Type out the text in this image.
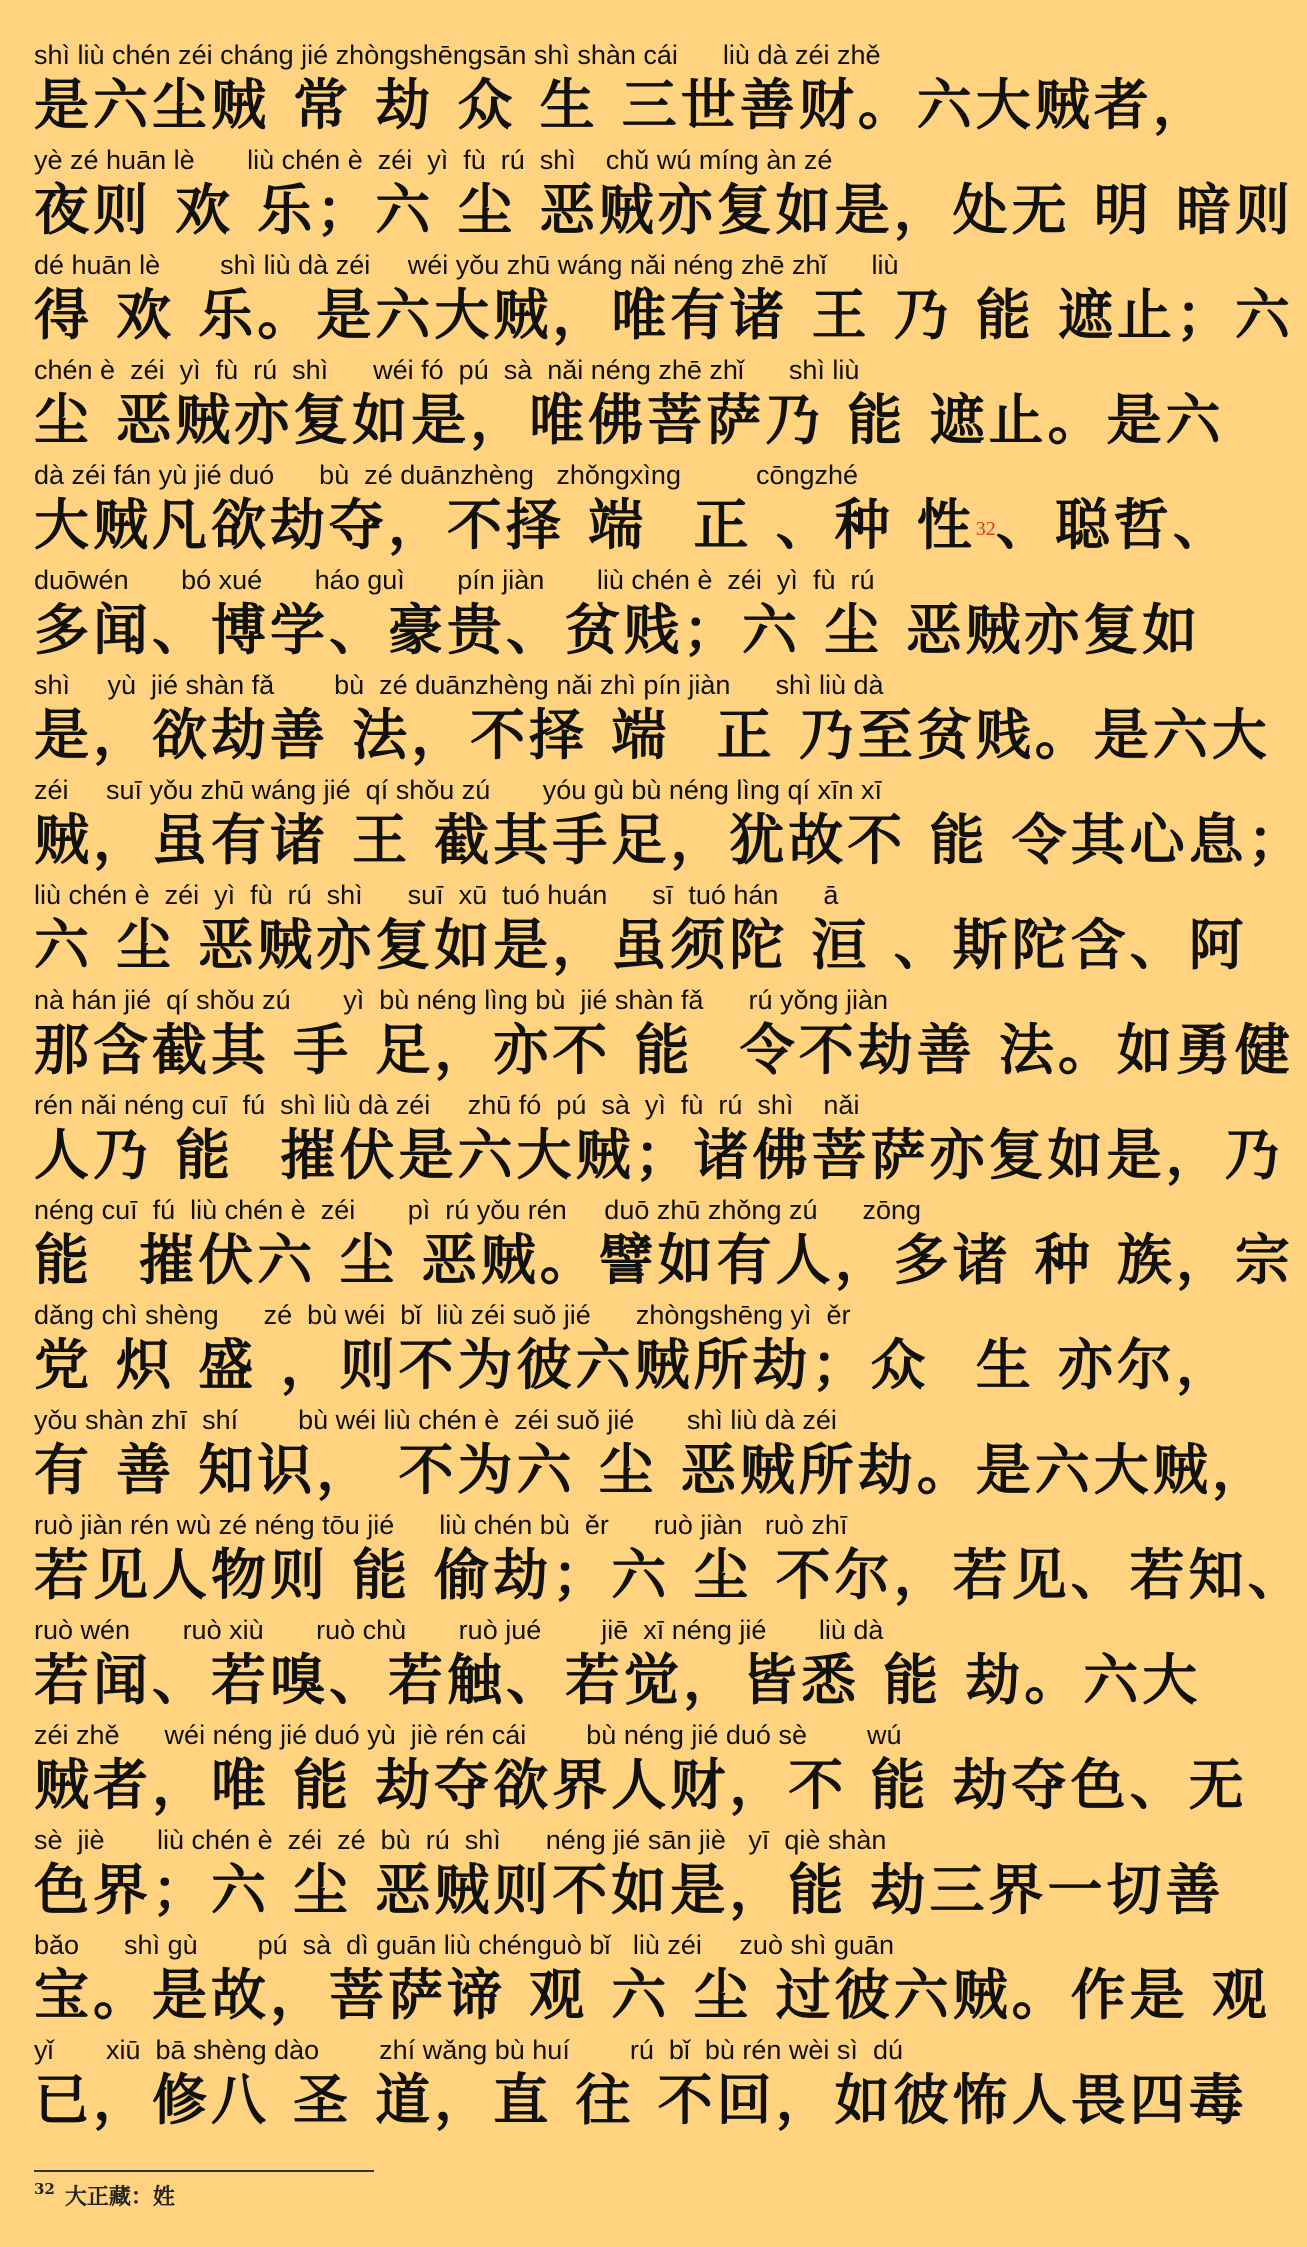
shì liù chén zéi cháng jié zhòngshēngsān shì shàn cái      liù dà zéi zhě
是六尘贼 常 劫 众 生 三世善财。六大贼者，
yè zé huān lè       liù chén è  zéi  yì  fù  rú  shì    chǔ wú míng àn zé
夜则 欢 乐；六 尘 恶贼亦复如是，处无 明 暗则
dé huān lè        shì liù dà zéi     wéi yǒu zhū wáng nǎi néng zhē zhǐ      liù
得 欢 乐。是六大贼，唯有诸 王 乃 能 遮止；六
chén è  zéi  yì  fù  rú  shì      wéi fó  pú  sà  nǎi néng zhē zhǐ      shì liù
尘 恶贼亦复如是，唯佛菩萨乃 能 遮止。是六
dà zéi fán yù jié duó      bù  zé duānzhèng   zhǒngxìng          cōngzhé
大贼凡欲劫夺，不择 端  正 、种 性$^{32}$、聪哲、
duōwén       bó xué       háo guì       pín jiàn       liù chén è  zéi  yì  fù  rú
多闻、博学、豪贵、贫贱；六 尘 恶贼亦复如
shì     yù  jié shàn fǎ        bù  zé duānzhèng nǎi zhì pín jiàn      shì liù dà
是，欲劫善 法，不择 端  正 乃至贫贱。是六大
zéi     suī yǒu zhū wáng jié  qí shǒu zú       yóu gù bù néng lìng qí xīn xī
贼，虽有诸 王 截其手足，犹故不 能 令其心息；
liù chén è  zéi  yì  fù  rú  shì      suī  xū  tuó huán      sī  tuó hán      ā
六 尘 恶贼亦复如是，虽须陀 洹 、斯陀含、阿
nà hán jié  qí shǒu zú       yì  bù néng lìng bù  jié shàn fǎ      rú yǒng jiàn
那含截其 手 足，亦不 能  令不劫善 法。如勇健
rén nǎi néng cuī  fú  shì liù dà zéi     zhū fó  pú  sà  yì  fù  rú  shì    nǎi
人乃 能  摧伏是六大贼；诸佛菩萨亦复如是，乃
néng cuī  fú  liù chén è  zéi       pì  rú yǒu rén     duō zhū zhǒng zú      zōng
能  摧伏六 尘 恶贼。譬如有人，多诸 种 族，宗
dǎng chì shèng      zé  bù wéi  bǐ  liù zéi suǒ jié      zhòngshēng yì  ěr
党 炽 盛 ，则不为彼六贼所劫；众  生 亦尔，
yǒu shàn zhī  shí        bù wéi liù chén è  zéi suǒ jié       shì liù dà zéi
有 善 知识， 不为六 尘 恶贼所劫。是六大贼，
ruò jiàn rén wù zé néng tōu jié      liù chén bù  ěr      ruò jiàn   ruò zhī
若见人物则 能 偷劫；六 尘 不尔，若见、若知、
ruò wén       ruò xiù       ruò chù       ruò jué        jiē  xī néng jié       liù dà
若闻、若嗅、若触、若觉，皆悉 能 劫。六大
zéi zhě      wéi néng jié duó yù  jiè rén cái        bù néng jié duó sè        wú
贼者，唯 能 劫夺欲界人财，不 能 劫夺色、无
sè  jiè       liù chén è  zéi  zé  bù  rú  shì      néng jié sān jiè   yī  qiè shàn
色界；六 尘 恶贼则不如是，能 劫三界一切善
bǎo      shì gù        pú  sà  dì guān liù chénguò bǐ   liù zéi     zuò shì guān
宝。是故，菩萨谛 观 六 尘 过彼六贼。作是 观
yǐ       xiū  bā shèng dào        zhí wǎng bù huí        rú  bǐ  bù rén wèi sì  dú
已，修八 圣 道，直 往 不回，如彼怖人畏四毒
$^{32}$ 大正藏：姓
